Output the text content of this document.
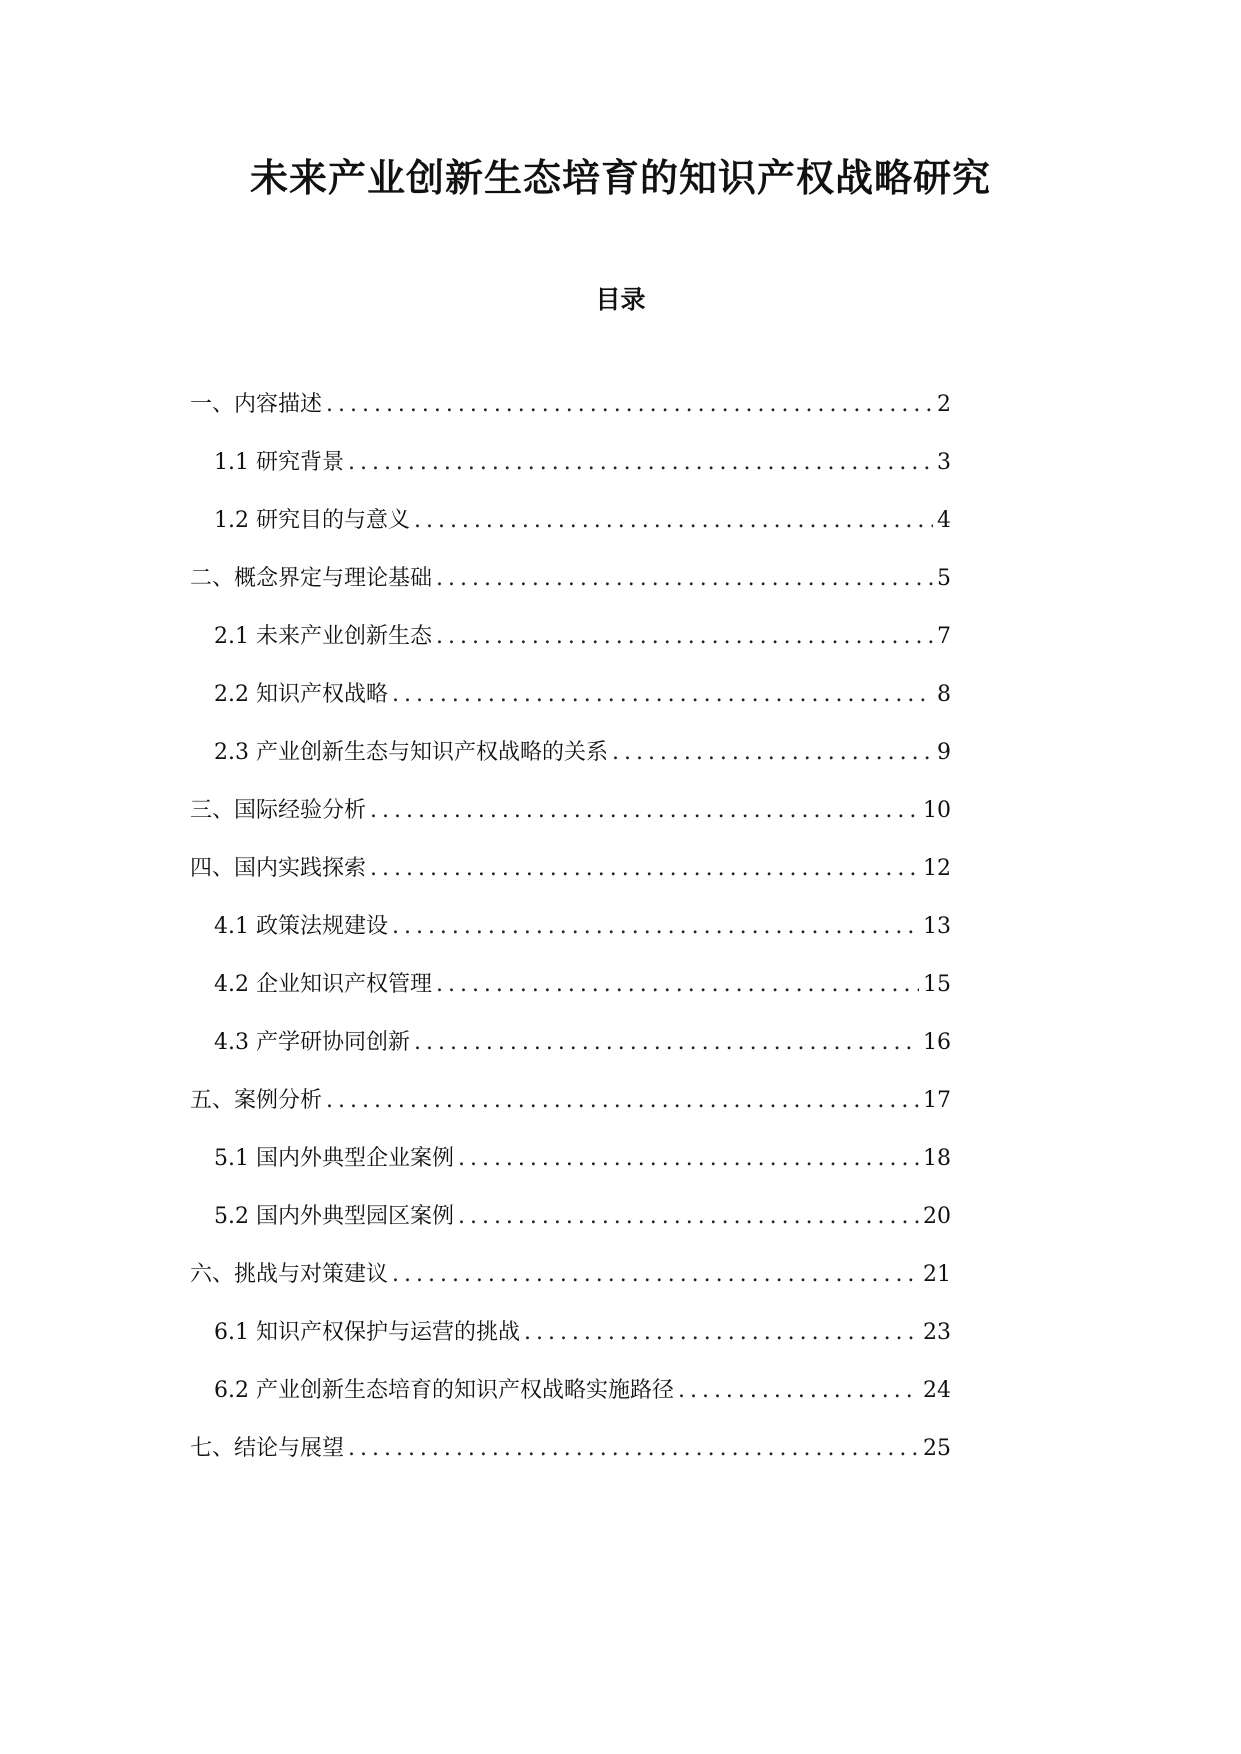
未来产业创新生态培育的知识产权战略研究
目录
一、内容描述 . . .	2
1.1 研究背景 . . .	3
1.2 研究目的与意义 . . .	4
二、概念界定与理论基础 . . .	5
2.1 未来产业创新生态 . . .	7
2.2 知识产权战略 . . .	8
2.3 产业创新生态与知识产权战略的关系 . . .	9
三、国际经验分析 . . .	10
四、国内实践探索 . . .	12
4.1 政策法规建设 . . .	13
4.2 企业知识产权管理 . . .	15
4.3 产学研协同创新 . . .	16
五、案例分析 . . .	17
5.1 国内外典型企业案例 . . .	18
5.2 国内外典型园区案例 . . .	20
六、挑战与对策建议 . . .	21
6.1 知识产权保护与运营的挑战 . . .	23
6.2 产业创新生态培育的知识产权战略实施路径 . . .	24
七、结论与展望 . . .	25
